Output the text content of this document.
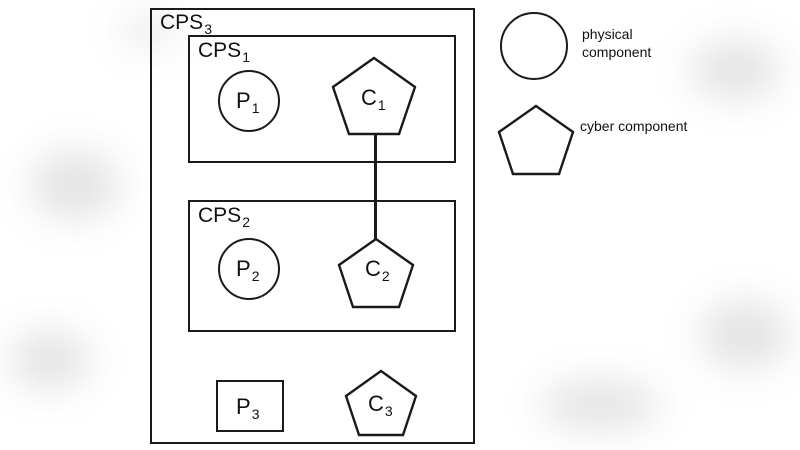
$CPS_3$
$CPS_1$
$CPS_2$
$P_1$	$C_1$
$P_2$	$C_2$
$P_3$	$C_3$
physical component
cyber component
